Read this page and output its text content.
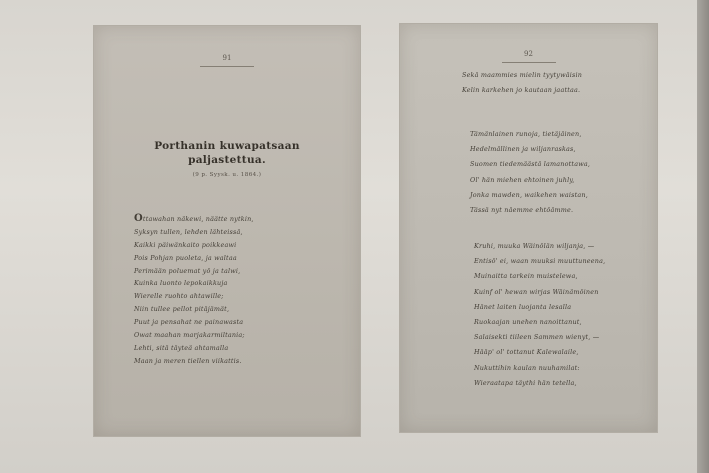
91
Porthanin kuwapatsaan
paljastettua.
(9 p. Syysk. u. 1864.)
Ottawahan näkewi, näätte nytkin,
Syksyn tullen, lehden lähteissä,
Kaikki päiwänkaito poikkeawi
Pois Pohjan puoleta, ja waltaa
Perimään poluemat yö ja talwi,
Kuinka luonto lepokaikkuja
Wierelle ruohto ahtawille;
Niin tullee pellot pitäjämät,
Puut ja pensahat ne painawasta
Owat maahan marjakarmiltania;
Lehti, sitä täyteä ahtamalla
Maan ja meren tiellen viikattis.
92
Sekä maammies mielin tyytywäisin
Kelin karkehen jo kautaan jaattaa.
Tämänlainen runoja, tietäjäinen,
Hedelmällinen ja wiljanraskas,
Suomen tiedemäästä lamanottawa,
Ol' hän miehen ehtoinen juhly,
Jonka mawden, waikehen waistan,
Tässä nyt näemme ehtöämme.
Kruhi, muuka Wäinölän wiljanja, —
Entisö' ei, waan muuksi muuttuneena,
Muinaitta tarkein muistelewa,
Kuinf ol' hewan wirjas Wäinämöinen
Hänet laiten luojanta lesalla
Ruokaajan unehen nanoittanut,
Salaisekti tiileen Sammen wienyt, —
Hääp' ol' tottanut Kalewalaile,
Nukuttihin kaulan nuuhamilat:
Wieraatapa täythi hän tetella,
